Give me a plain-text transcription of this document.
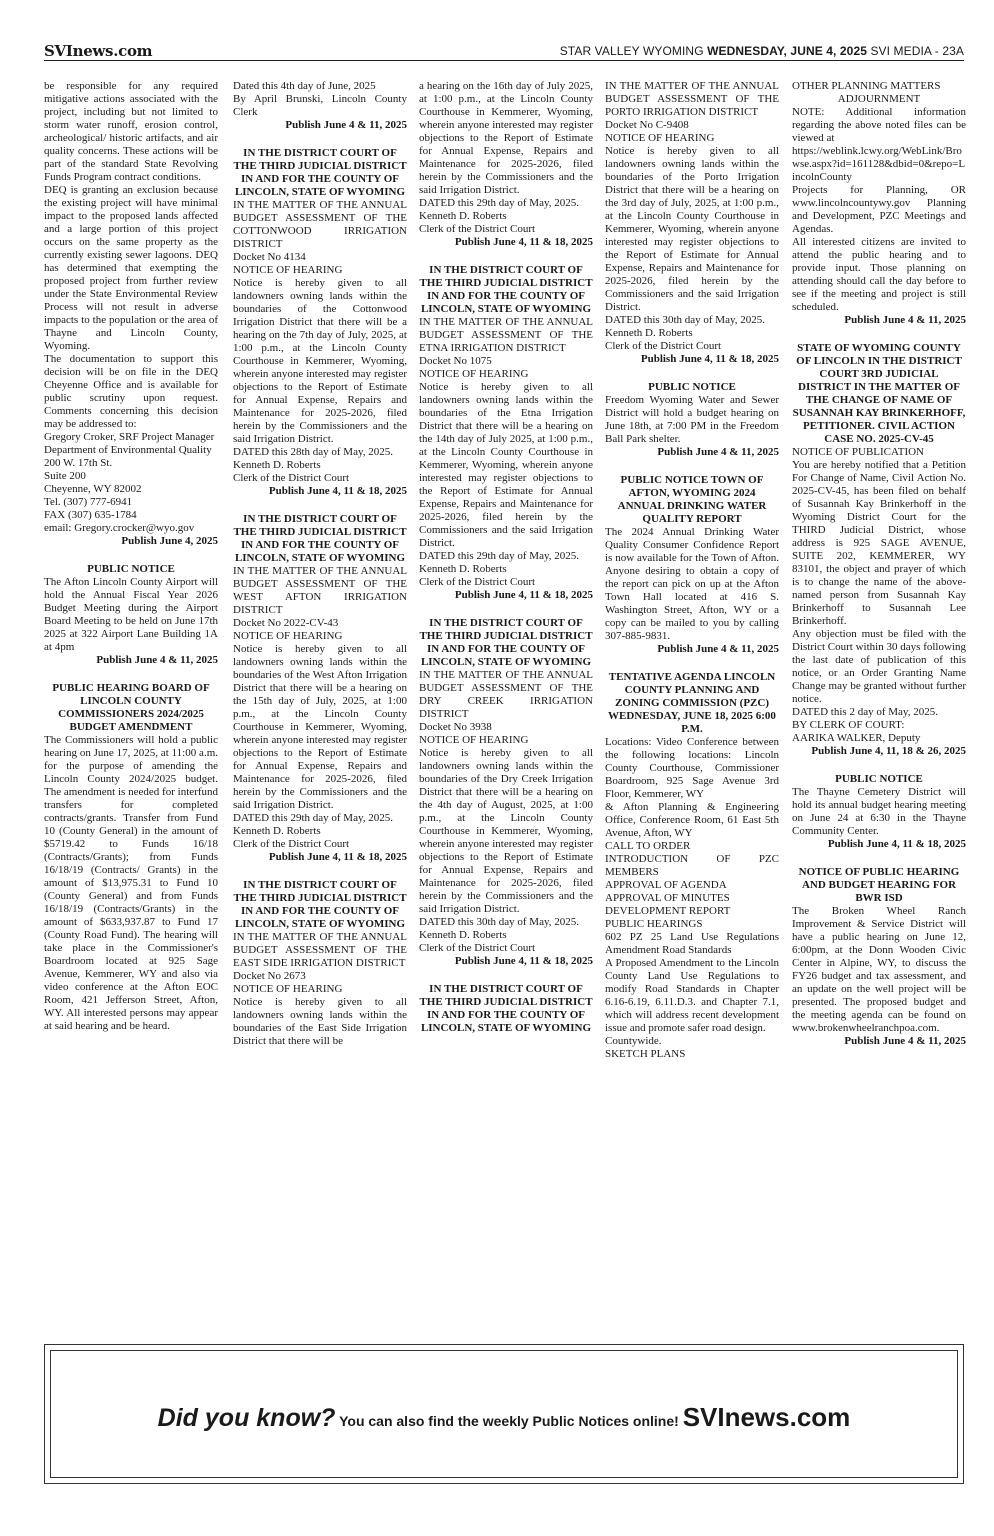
SVInews.com	STAR VALLEY WYOMING WEDNESDAY, JUNE 4, 2025 SVI MEDIA - 23A

be responsible for any required mitigative actions associated with the project, including but not limited to storm water runoff, erosion control, archeological/ historic artifacts, and air quality concerns. These actions will be part of the standard State Revolving Funds Program contract conditions.

DEQ is granting an exclusion because the existing project will have minimal impact to the proposed lands affected and a large portion of this project occurs on the same property as the currently existing sewer lagoons. DEQ has determined that exempting the proposed project from further review under the State Environmental Review Process will not result in adverse impacts to the population or the area of Thayne and Lincoln County, Wyoming.

The documentation to support this decision will be on file in the DEQ Cheyenne Office and is available for public scrutiny upon request. Comments concerning this decision may be addressed to:

Gregory Croker, SRF Project Manager

Department of Environmental Quality

200 W. 17th St.

Suite 200

Cheyenne, WY 82002

Tel. (307) 777-6941

FAX (307) 635-1784

email: Gregory.crocker@wyo.gov

Publish June 4, 2025

PUBLIC NOTICE

The Afton Lincoln County Airport will hold the Annual Fiscal Year 2026 Budget Meeting during the Airport Board Meeting to be held on June 17th 2025 at 322 Airport Lane Building 1A at 4pm

Publish June 4 & 11, 2025

PUBLIC HEARING BOARD OF LINCOLN COUNTY COMMISSIONERS 2024/2025 BUDGET AMENDMENT

The Commissioners will hold a public hearing on June 17, 2025, at 11:00 a.m. for the purpose of amending the Lincoln County 2024/2025 budget. The amendment is needed for interfund transfers for completed contracts/grants. Transfer from Fund 10 (County General) in the amount of $5719.42 to Funds 16/18 (Contracts/Grants); from Funds 16/18/19 (Contracts/ Grants) in the amount of $13,975.31 to Fund 10 (County General) and from Funds 16/18/19 (Contracts/Grants) in the amount of $633,937.87 to Fund 17 (County Road Fund). The hearing will take place in the Commissioner's Boardroom located at 925 Sage Avenue, Kemmerer, WY and also via video conference at the Afton EOC Room, 421 Jefferson Street, Afton, WY. All interested persons may appear at said hearing and be heard.

Dated this 4th day of June, 2025

By April Brunski, Lincoln County Clerk

Publish June 4 & 11, 2025

IN THE DISTRICT COURT OF THE THIRD JUDICIAL DISTRICT IN AND FOR THE COUNTY OF LINCOLN, STATE OF WYOMING

IN THE MATTER OF THE ANNUAL BUDGET ASSESSMENT OF THE COTTONWOOD IRRIGATION DISTRICT

Docket No 4134

NOTICE OF HEARING

Notice is hereby given to all landowners owning lands within the boundaries of the Cottonwood Irrigation District that there will be a hearing on the 7th day of July, 2025, at 1:00 p.m., at the Lincoln County Courthouse in Kemmerer, Wyoming, wherein anyone interested may register objections to the Report of Estimate for Annual Expense, Repairs and Maintenance for 2025-2026, filed herein by the Commissioners and the said Irrigation District.

DATED this 28th day of May, 2025.

Kenneth D. Roberts

Clerk of the District Court

Publish June 4, 11 & 18, 2025

IN THE DISTRICT COURT OF THE THIRD JUDICIAL DISTRICT IN AND FOR THE COUNTY OF LINCOLN, STATE OF WYOMING

IN THE MATTER OF THE ANNUAL BUDGET ASSESSMENT OF THE WEST AFTON IRRIGATION DISTRICT

Docket No 2022-CV-43

NOTICE OF HEARING

Notice is hereby given to all landowners owning lands within the boundaries of the West Afton Irrigation District that there will be a hearing on the 15th day of July, 2025, at 1:00 p.m., at the Lincoln County Courthouse in Kemmerer, Wyoming, wherein anyone interested may register objections to the Report of Estimate for Annual Expense, Repairs and Maintenance for 2025-2026, filed herein by the Commissioners and the said Irrigation District.

DATED this 29th day of May, 2025.

Kenneth D. Roberts

Clerk of the District Court

Publish June 4, 11 & 18, 2025

IN THE DISTRICT COURT OF THE THIRD JUDICIAL DISTRICT IN AND FOR THE COUNTY OF LINCOLN, STATE OF WYOMING

IN THE MATTER OF THE ANNUAL BUDGET ASSESSMENT OF THE EAST SIDE IRRIGATION DISTRICT

Docket No 2673

NOTICE OF HEARING

Notice is hereby given to all landowners owning lands within the boundaries of the East Side Irrigation District that there will be

a hearing on the 16th day of July 2025, at 1:00 p.m., at the Lincoln County Courthouse in Kemmerer, Wyoming, wherein anyone interested may register objections to the Report of Estimate for Annual Expense, Repairs and Maintenance for 2025-2026, filed herein by the Commissioners and the said Irrigation District.

DATED this 29th day of May, 2025.

Kenneth D. Roberts

Clerk of the District Court

Publish June 4, 11 & 18, 2025

IN THE DISTRICT COURT OF THE THIRD JUDICIAL DISTRICT IN AND FOR THE COUNTY OF LINCOLN, STATE OF WYOMING

IN THE MATTER OF THE ANNUAL BUDGET ASSESSMENT OF THE ETNA IRRIGATION DISTRICT

Docket No 1075

NOTICE OF HEARING

Notice is hereby given to all landowners owning lands within the boundaries of the Etna Irrigation District that there will be a hearing on the 14th day of July 2025, at 1:00 p.m., at the Lincoln County Courthouse in Kemmerer, Wyoming, wherein anyone interested may register objections to the Report of Estimate for Annual Expense, Repairs and Maintenance for 2025-2026, filed herein by the Commissioners and the said Irrigation District.

DATED this 29th day of May, 2025.

Kenneth D. Roberts

Clerk of the District Court

Publish June 4, 11 & 18, 2025

IN THE DISTRICT COURT OF THE THIRD JUDICIAL DISTRICT IN AND FOR THE COUNTY OF LINCOLN, STATE OF WYOMING

IN THE MATTER OF THE ANNUAL BUDGET ASSESSMENT OF THE DRY CREEK IRRIGATION DISTRICT

Docket No 3938

NOTICE OF HEARING

Notice is hereby given to all landowners owning lands within the boundaries of the Dry Creek Irrigation District that there will be a hearing on the 4th day of August, 2025, at 1:00 p.m., at the Lincoln County Courthouse in Kemmerer, Wyoming, wherein anyone interested may register objections to the Report of Estimate for Annual Expense, Repairs and Maintenance for 2025-2026, filed herein by the Commissioners and the said Irrigation District.

DATED this 30th day of May, 2025.

Kenneth D. Roberts

Clerk of the District Court

Publish June 4, 11 & 18, 2025

IN THE DISTRICT COURT OF THE THIRD JUDICIAL DISTRICT IN AND FOR THE COUNTY OF LINCOLN, STATE OF WYOMING

IN THE MATTER OF THE ANNUAL BUDGET ASSESSMENT OF THE PORTO IRRIGATION DISTRICT

Docket No C-9408

NOTICE OF HEARING

Notice is hereby given to all landowners owning lands within the boundaries of the Porto Irrigation District that there will be a hearing on the 3rd day of July, 2025, at 1:00 p.m., at the Lincoln County Courthouse in Kemmerer, Wyoming, wherein anyone interested may register objections to the Report of Estimate for Annual Expense, Repairs and Maintenance for 2025-2026, filed herein by the Commissioners and the said Irrigation District.

DATED this 30th day of May, 2025.

Kenneth D. Roberts

Clerk of the District Court

Publish June 4, 11 & 18, 2025

PUBLIC NOTICE

Freedom Wyoming Water and Sewer District will hold a budget hearing on June 18th, at 7:00 PM in the Freedom Ball Park shelter.

Publish June 4 & 11, 2025

PUBLIC NOTICE TOWN OF AFTON, WYOMING 2024 ANNUAL DRINKING WATER QUALITY REPORT

The 2024 Annual Drinking Water Quality Consumer Confidence Report is now available for the Town of Afton. Anyone desiring to obtain a copy of the report can pick on up at the Afton Town Hall located at 416 S. Washington Street, Afton, WY or a copy can be mailed to you by calling 307-885-9831.

Publish June 4 & 11, 2025

TENTATIVE AGENDA LINCOLN COUNTY PLANNING AND ZONING COMMISSION (PZC) WEDNESDAY, JUNE 18, 2025 6:00 P.M.

Locations: Video Conference between the following locations: Lincoln County Courthouse, Commissioner Boardroom, 925 Sage Avenue 3rd Floor, Kemmerer, WY

& Afton Planning & Engineering Office, Conference Room, 61 East 5th Avenue, Afton, WY

CALL TO ORDER

INTRODUCTION OF PZC MEMBERS

APPROVAL OF AGENDA

APPROVAL OF MINUTES

DEVELOPMENT REPORT

PUBLIC HEARINGS

602 PZ 25 Land Use Regulations Amendment Road Standards

A Proposed Amendment to the Lincoln County Land Use Regulations to modify Road Standards in Chapter 6.16-6.19, 6.11.D.3. and Chapter 7.1, which will address recent development issue and promote safer road design.

Countywide.

SKETCH PLANS

OTHER PLANNING MATTERS

ADJOURNMENT

NOTE: Additional information regarding the above noted files can be viewed at

https://weblink.lcwy.org/WebLink/Browse.aspx?id=161128&dbid=0&repo=LincolnCounty

Projects for Planning, OR www.lincolncountywy.gov Planning and Development, PZC Meetings and Agendas.

All interested citizens are invited to attend the public hearing and to provide input. Those planning on attending should call the day before to see if the meeting and project is still scheduled.

Publish June 4 & 11, 2025

STATE OF WYOMING COUNTY OF LINCOLN IN THE DISTRICT COURT 3RD JUDICIAL DISTRICT IN THE MATTER OF THE CHANGE OF NAME OF SUSANNAH KAY BRINKERHOFF, PETITIONER. CIVIL ACTION CASE NO. 2025-CV-45

NOTICE OF PUBLICATION

You are hereby notified that a Petition For Change of Name, Civil Action No. 2025-CV-45, has been filed on behalf of Susannah Kay Brinkerhoff in the Wyoming District Court for the THIRD Judicial District, whose address is 925 SAGE AVENUE, SUITE 202, KEMMERER, WY 83101, the object and prayer of which is to change the name of the above-named person from Susannah Kay Brinkerhoff to Susannah Lee Brinkerhoff.

Any objection must be filed with the District Court within 30 days following the last date of publication of this notice, or an Order Granting Name Change may be granted without further notice.

DATED this 2 day of May, 2025.

BY CLERK OF COURT:

AARIKA WALKER, Deputy

Publish June 4, 11, 18 & 26, 2025

PUBLIC NOTICE

The Thayne Cemetery District will hold its annual budget hearing meeting on June 24 at 6:30 in the Thayne Community Center.

Publish June 4, 11 & 18, 2025

NOTICE OF PUBLIC HEARING AND BUDGET HEARING FOR BWR ISD

The Broken Wheel Ranch Improvement & Service District will have a public hearing on June 12, 6:00pm, at the Donn Wooden Civic Center in Alpine, WY, to discuss the FY26 budget and tax assessment, and an update on the well project will be presented. The proposed budget and the meeting agenda can be found on www.brokenwheelranchpoa.com.

Publish June 4 & 11, 2025

Did you know? You can also find the weekly Public Notices online! SVInews.com
